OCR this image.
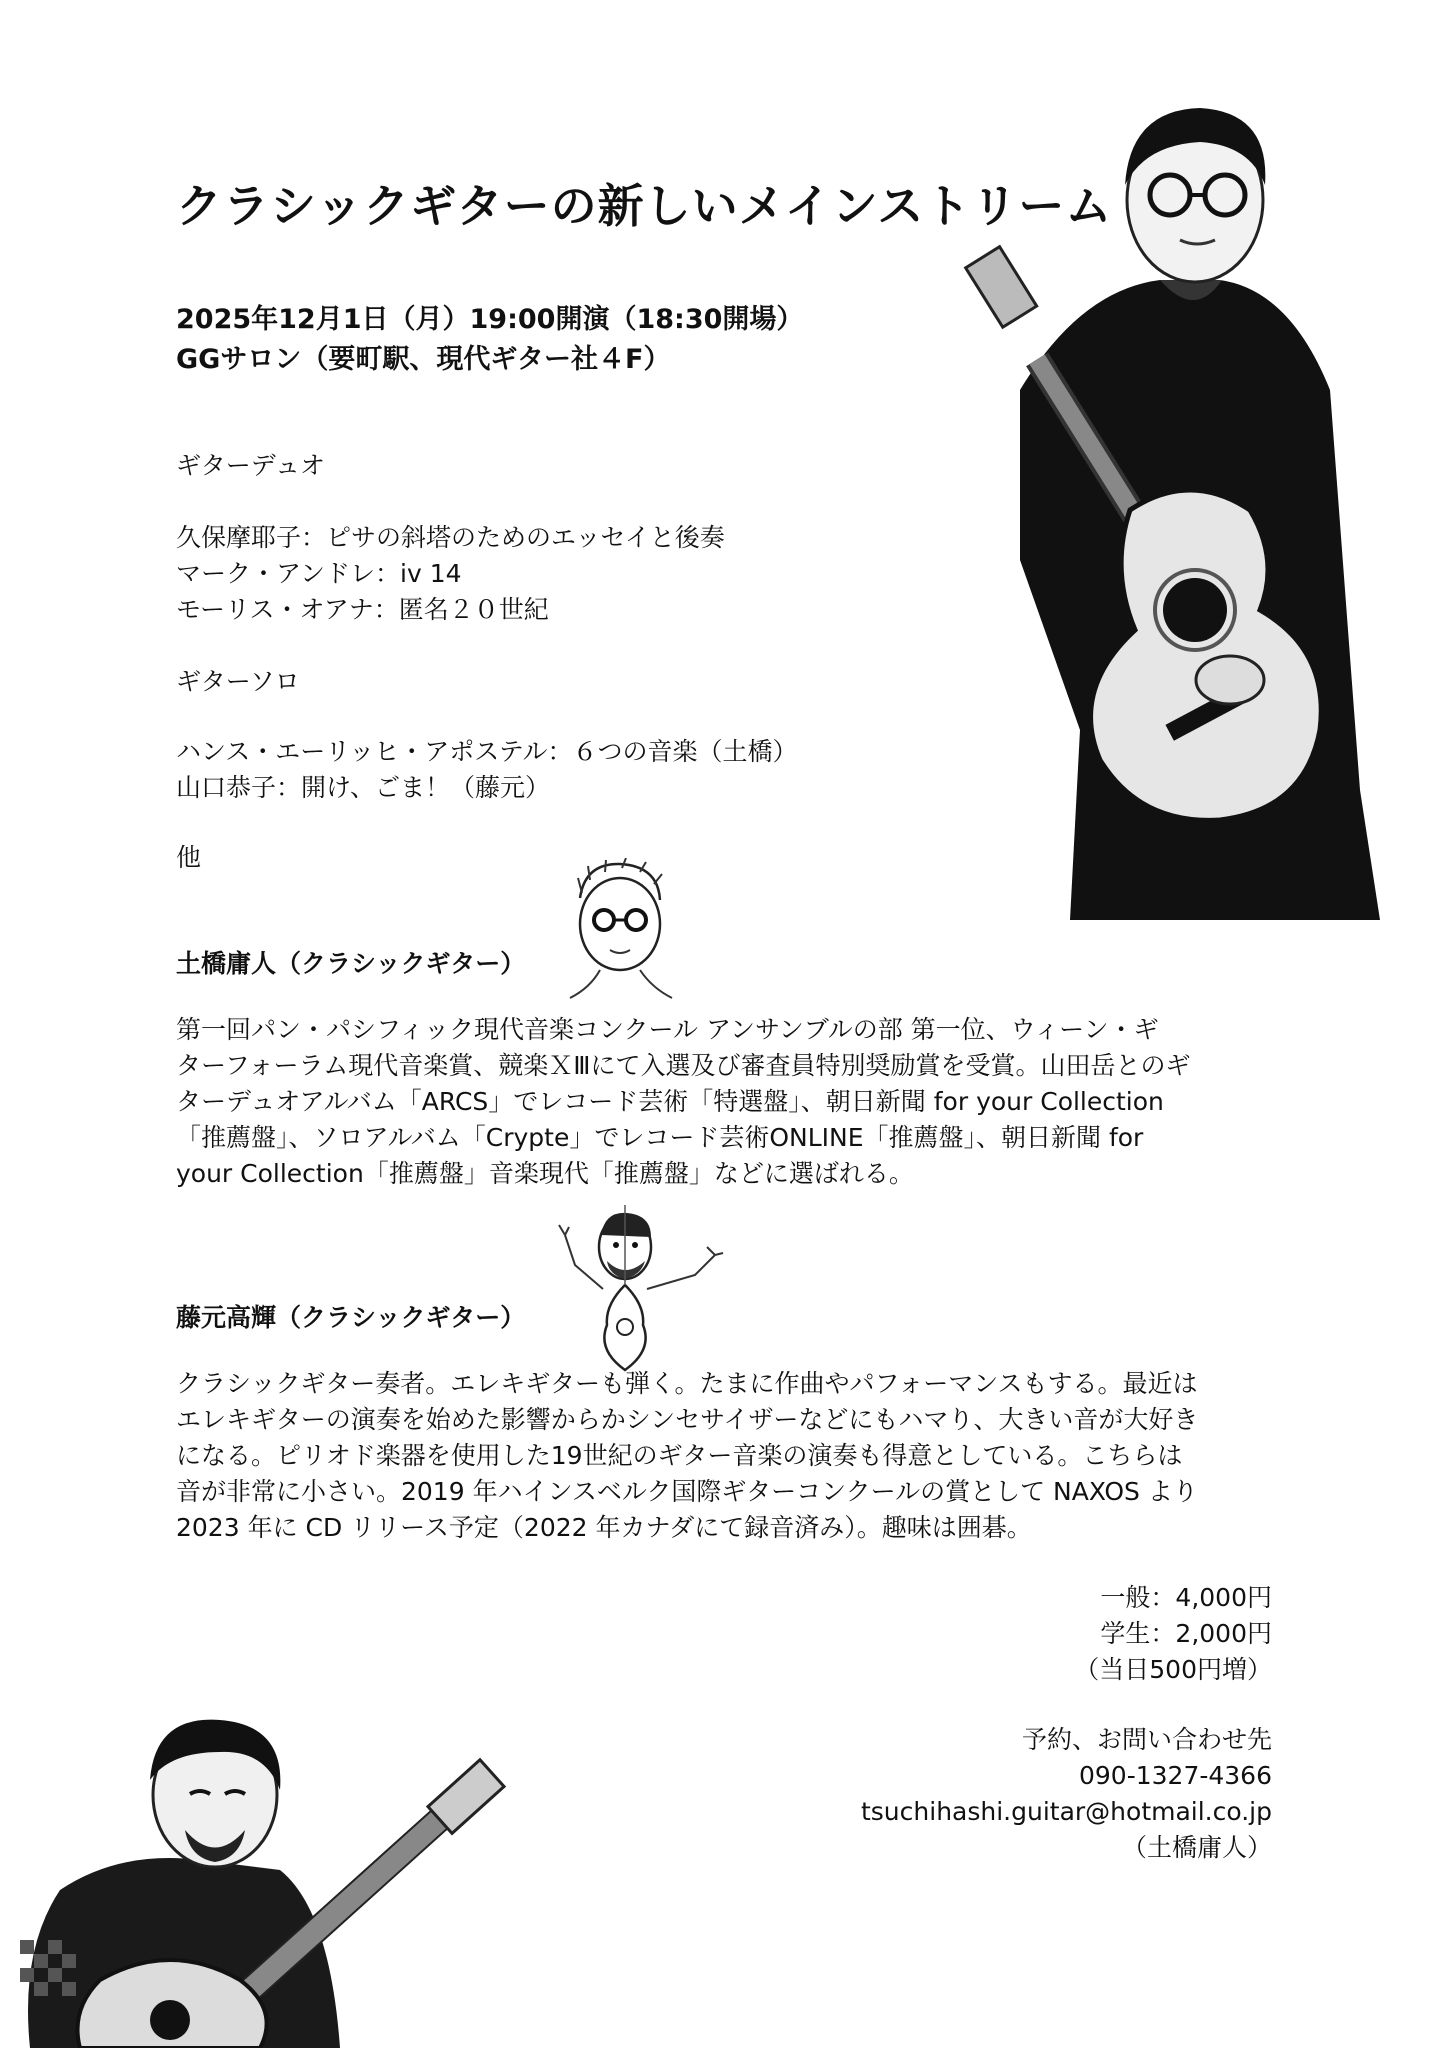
クラシックギターの新しいメインストリーム
2025年12月1日（月）19:00開演（18:30開場）
GGサロン（要町駅、現代ギター社４F）
ギターデュオ
久保摩耶子：ピサの斜塔のためのエッセイと後奏
マーク・アンドレ：iv 14
モーリス・オアナ：匿名２０世紀
ギターソロ
ハンス・エーリッヒ・アポステル：６つの音楽（土橋）
山口恭子：開け、ごま！（藤元）
他
土橋庸人（クラシックギター）
第一回パン・パシフィック現代音楽コンクール アンサンブルの部 第一位、ウィーン・ギ
ターフォーラム現代音楽賞、競楽ＸⅢにて入選及び審査員特別奨励賞を受賞。山田岳とのギ
ターデュオアルバム「ARCS」でレコード芸術「特選盤」、朝日新聞 for your Collection
「推薦盤」、ソロアルバム「Crypte」でレコード芸術ONLINE「推薦盤」、朝日新聞 for
your Collection「推薦盤」音楽現代「推薦盤」などに選ばれる。
藤元高輝（クラシックギター）
クラシックギター奏者。エレキギターも弾く。たまに作曲やパフォーマンスもする。最近は
エレキギターの演奏を始めた影響からかシンセサイザーなどにもハマり、大きい音が大好き
になる。ピリオド楽器を使用した19世紀のギター音楽の演奏も得意としている。こちらは
音が非常に小さい。2019 年ハインスベルク国際ギターコンクールの賞として NAXOS より
2023 年に CD リリース予定（2022 年カナダにて録音済み）。趣味は囲碁。
一般：4,000円
学生：2,000円
（当日500円増）
予約、お問い合わせ先
090-1327-4366
tsuchihashi.guitar@hotmail.co.jp
（土橋庸人）
